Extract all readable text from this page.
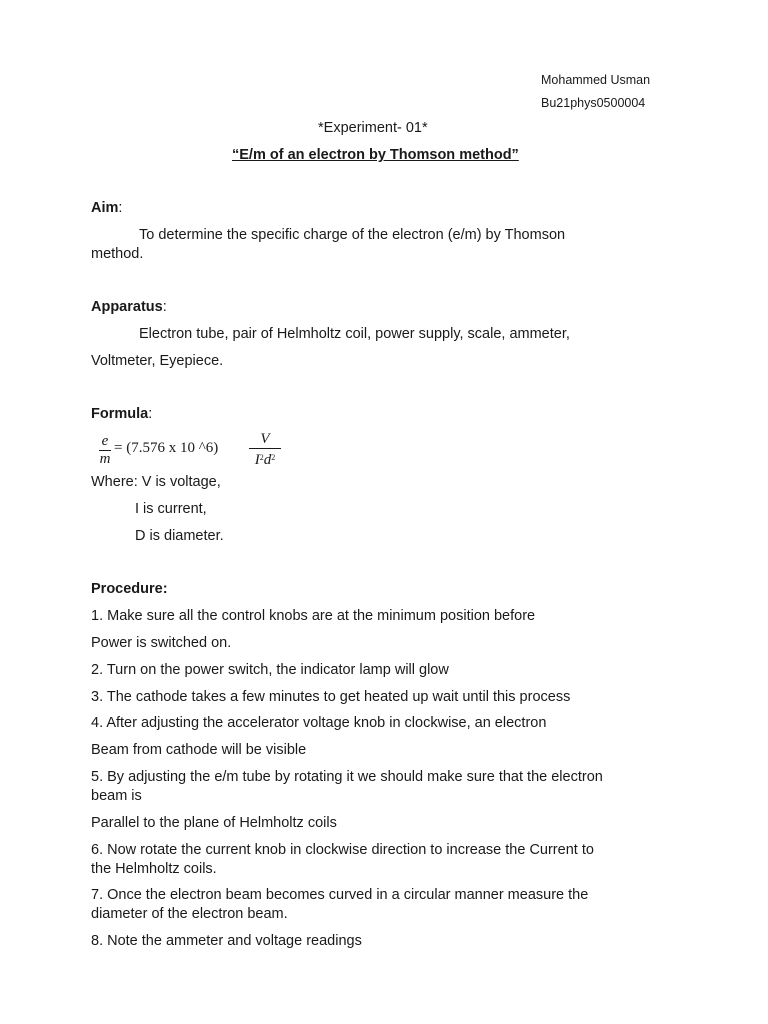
Mohammed Usman
Bu21phys0500004
*Experiment- 01*
“E/m of an electron by Thomson method”
Aim:
To determine the specific charge of the electron (e/m) by Thomson
method.
Apparatus:
Electron tube, pair of Helmholtz coil, power supply, scale, ammeter,
Voltmeter, Eyepiece.
Formula:
e
m
= (7.576 x 10 ^6)
V
$I^2d^2$
Where: V is voltage,
I is current,
D is diameter.
Procedure:
1. Make sure all the control knobs are at the minimum position before
Power is switched on.
2. Turn on the power switch, the indicator lamp will glow
3. The cathode takes a few minutes to get heated up wait until this process
4. After adjusting the accelerator voltage knob in clockwise, an electron
Beam from cathode will be visible
5. By adjusting the e/m tube by rotating it we should make sure that the electron
beam is
Parallel to the plane of Helmholtz coils
6. Now rotate the current knob in clockwise direction to increase the Current to
the Helmholtz coils.
7. Once the electron beam becomes curved in a circular manner measure the
diameter of the electron beam.
8. Note the ammeter and voltage readings
